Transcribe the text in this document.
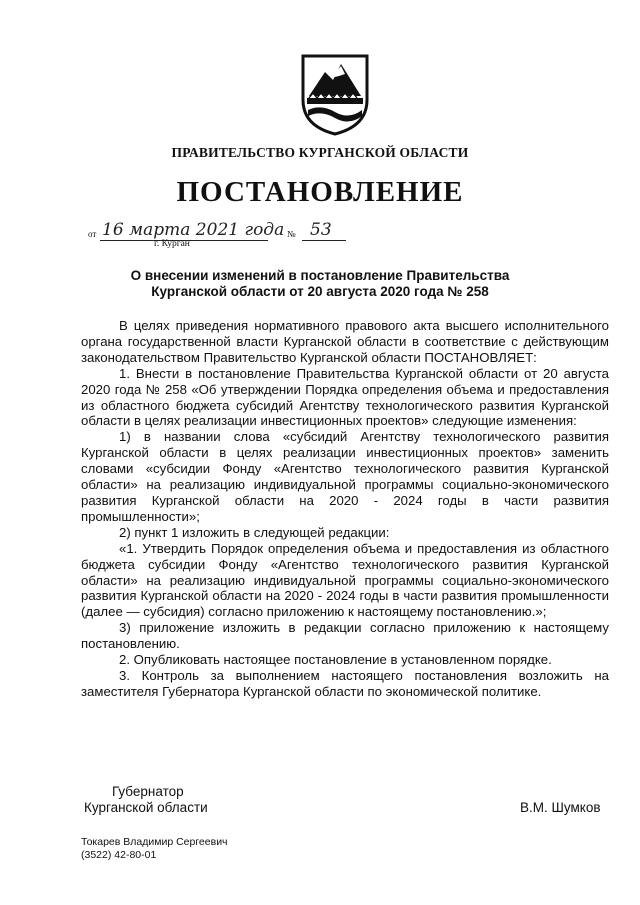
ПРАВИТЕЛЬСТВО КУРГАНСКОЙ ОБЛАСТИ
ПОСТАНОВЛЕНИЕ
от 16 марта 2021 года № 53
г. Курган
О внесении изменений в постановление Правительства
Курганской области от 20 августа 2020 года № 258

В целях приведения нормативного правового акта высшего исполнительного органа государственной власти Курганской области в соответствие с действующим законодательством Правительство Курганской области ПОСТАНОВЛЯЕТ:

1. Внести в постановление Правительства Курганской области от 20 августа 2020 года № 258 «Об утверждении Порядка определения объема и предоставления из областного бюджета субсидий Агентству технологического развития Курганской области в целях реализации инвестиционных проектов» следующие изменения:

1) в названии слова «субсидий Агентству технологического развития Курганской области в целях реализации инвестиционных проектов» заменить словами «субсидии Фонду «Агентство технологического развития Курганской области» на реализацию индивидуальной программы социально-экономического развития Курганской области на 2020 - 2024 годы в части развития промышленности»;

2) пункт 1 изложить в следующей редакции:

«1. Утвердить Порядок определения объема и предоставления из областного бюджета субсидии Фонду «Агентство технологического развития Курганской области» на реализацию индивидуальной программы социально-экономического развития Курганской области на 2020 - 2024 годы в части развития промышленности (далее — субсидия) согласно приложению к настоящему постановлению.»;

3) приложение изложить в редакции согласно приложению к настоящему постановлению.

2. Опубликовать настоящее постановление в установленном порядке.

3. Контроль за выполнением настоящего постановления возложить на заместителя Губернатора Курганской области по экономической политике.

Губернатор
Курганской области	В.М. Шумков
Токарев Владимир Сергеевич
(3522) 42-80-01
